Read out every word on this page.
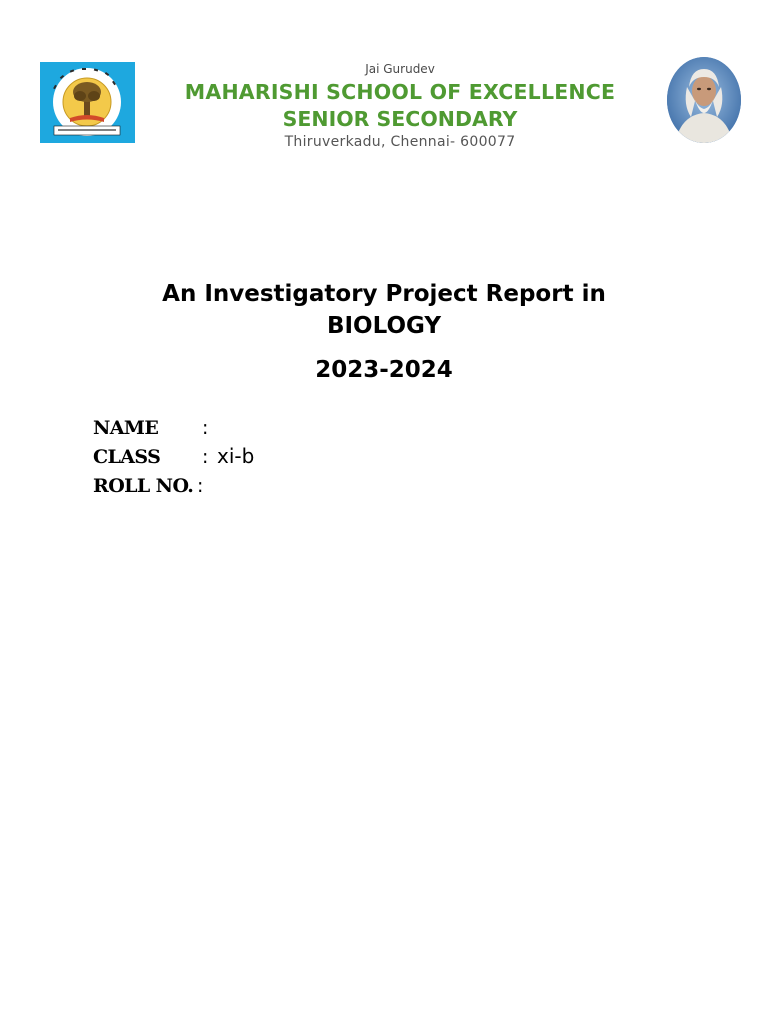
Jai Gurudev
MAHARISHI SCHOOL OF EXCELLENCE
SENIOR SECONDARY
Thiruverkadu, Chennai- 600077
An Investigatory Project Report in
BIOLOGY
2023-2024
NAME :
CLASS : xi-b
ROLL NO. :
